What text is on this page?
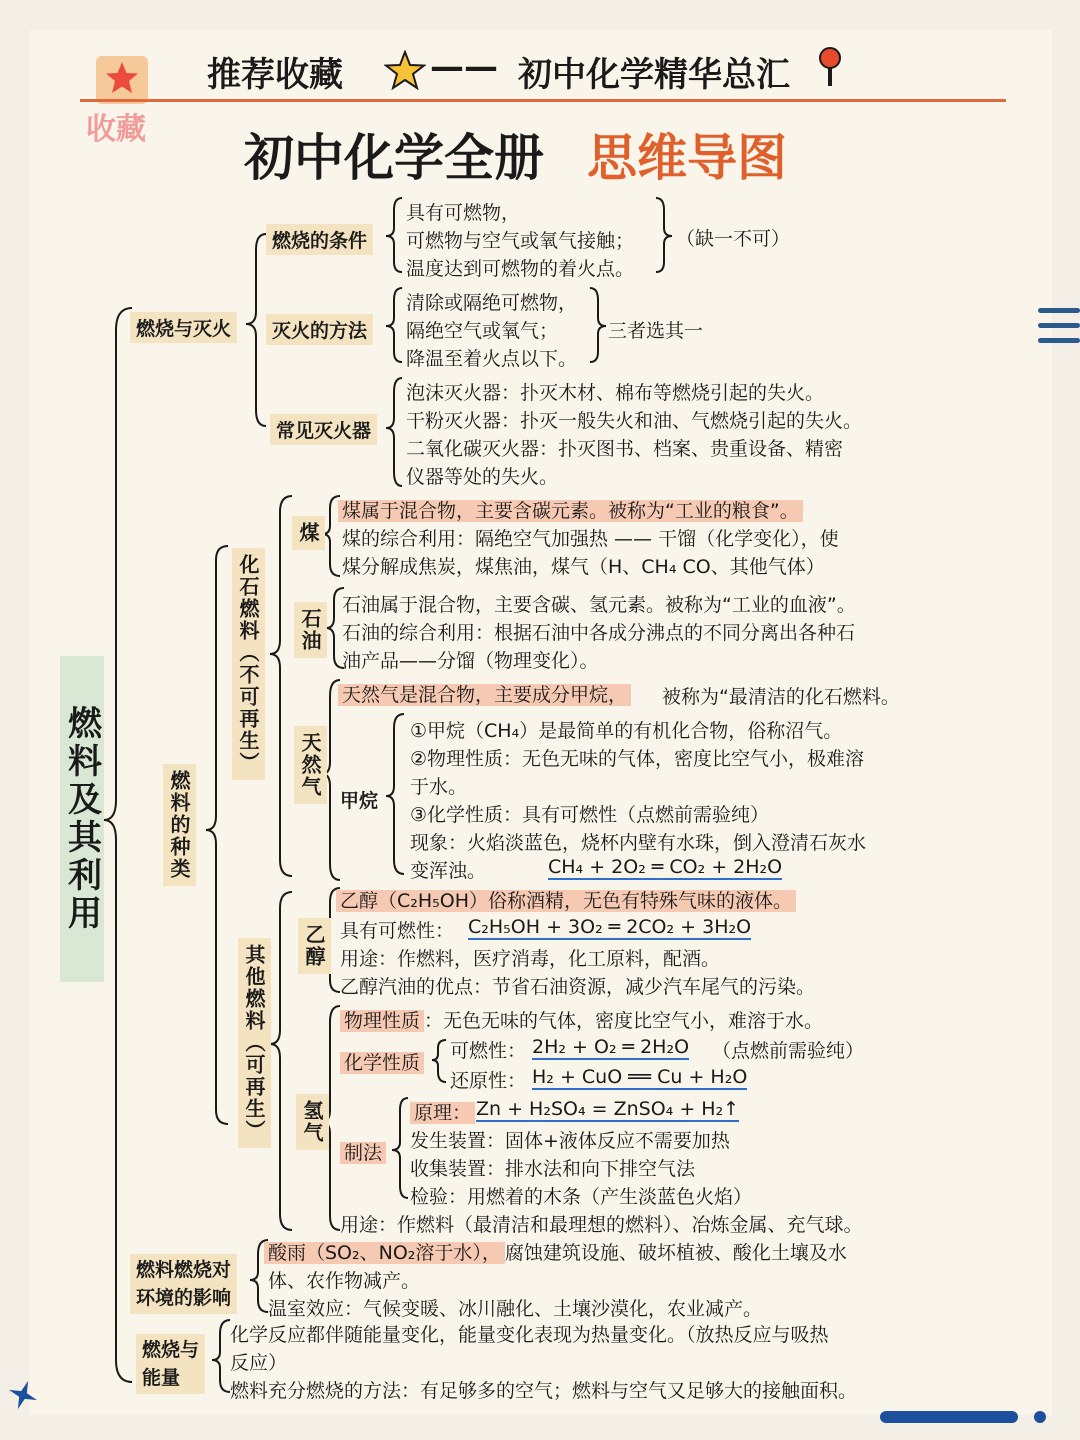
收藏
推荐收藏	—— 初中化学精华总汇
初中化学全册 思维导图
燃料及其利用
燃烧与灭火
燃烧的条件
具有可燃物，
可燃物与空气或氧气接触；
温度达到可燃物的着火点。
（缺一不可）
灭火的方法
清除或隔绝可燃物，
隔绝空气或氧气；
降温至着火点以下。
三者选其一
常见灭火器
泡沫灭火器：扑灭木材、棉布等燃烧引起的失火。
干粉灭火器：扑灭一般失火和油、气燃烧引起的失火。
二氧化碳灭火器：扑灭图书、档案、贵重设备、精密
仪器等处的失火。
燃料的种类
化石燃料（不可再生）
煤
煤属于混合物，主要含碳元素。被称为“工业的粮食”。
煤的综合利用：隔绝空气加强热 —— 干馏（化学变化），使
煤分解成焦炭，煤焦油，煤气（H、CH₄ CO、其他气体）
石油
石油属于混合物，主要含碳、氢元素。被称为“工业的血液”。
石油的综合利用：根据石油中各成分沸点的不同分离出各种石
油产品——分馏（物理变化）。
天然气
天然气是混合物，主要成分甲烷， 被称为“最清洁的化石燃料。
甲烷
①甲烷（CH₄）是最简单的有机化合物，俗称沼气。
②物理性质：无色无味的气体，密度比空气小，极难溶
于水。
③化学性质：具有可燃性（点燃前需验纯）
现象：火焰淡蓝色，烧杯内壁有水珠，倒入澄清石灰水
变浑浊。	CH₄ + 2O₂ ═ CO₂ + 2H₂O
其他燃料（可再生） 乙醇
乙醇（C₂H₅OH）俗称酒精，无色有特殊气味的液体。
具有可燃性： C₂H₅OH + 3O₂ ═ 2CO₂ + 3H₂O
用途：作燃料，医疗消毒，化工原料，配酒。
乙醇汽油的优点：节省石油资源，减少汽车尾气的污染。
氢气
物理性质 ：无色无味的气体，密度比空气小，难溶于水。
化学性质
可燃性： 2H₂ + O₂ ═ 2H₂O （点燃前需验纯）
还原性： H₂ + CuO ══ Cu + H₂O
制法
原理： Zn + H₂SO₄ = ZnSO₄ + H₂↑
发生装置：固体+液体反应不需要加热
收集装置：排水法和向下排空气法
检验：用燃着的木条（产生淡蓝色火焰）
用途：作燃料（最清洁和最理想的燃料）、冶炼金属、充气球。
燃料燃烧对
环境的影响
酸雨（SO₂、NO₂溶于水）， 腐蚀建筑设施、破坏植被、酸化土壤及水
体、农作物减产。
温室效应：气候变暖、冰川融化、土壤沙漠化，农业减产。
燃烧与
能量
化学反应都伴随能量变化，能量变化表现为热量变化。（放热反应与吸热
反应）
燃料充分燃烧的方法：有足够多的空气；燃料与空气又足够大的接触面积。
